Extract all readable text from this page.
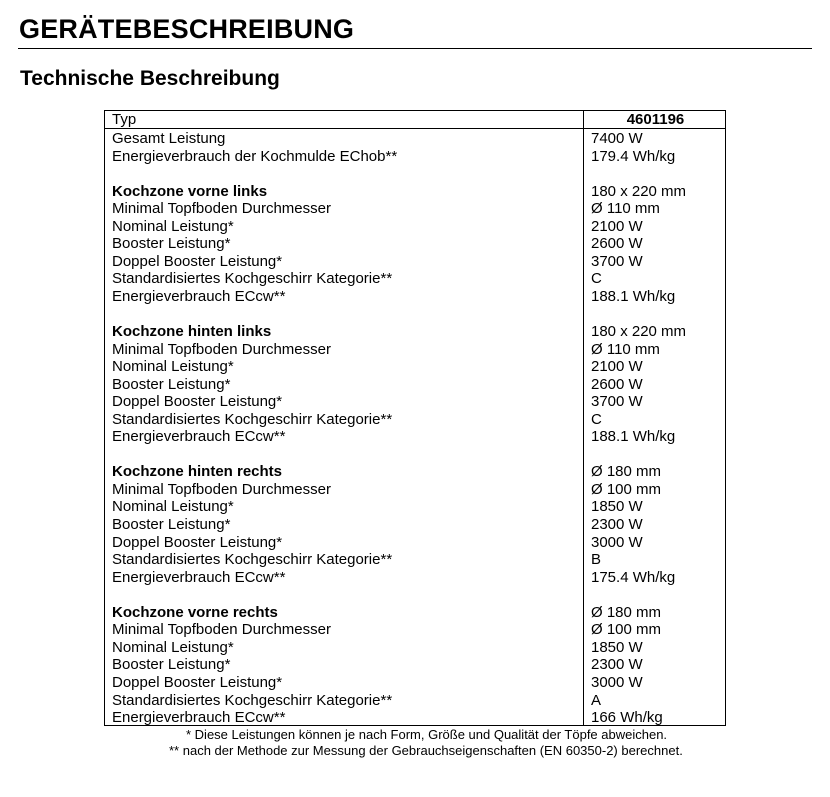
GERÄTEBESCHREIBUNG
Technische Beschreibung
Typ	4601196
Gesamt Leistung
Energieverbrauch der Kochmulde EChob**
Kochzone vorne links
Minimal Topfboden Durchmesser
Nominal Leistung*
Booster Leistung*
Doppel Booster Leistung*
Standardisiertes Kochgeschirr Kategorie**
Energieverbrauch ECcw**
Kochzone hinten links
Minimal Topfboden Durchmesser
Nominal Leistung*
Booster Leistung*
Doppel Booster Leistung*
Standardisiertes Kochgeschirr Kategorie**
Energieverbrauch ECcw**
Kochzone hinten rechts
Minimal Topfboden Durchmesser
Nominal Leistung*
Booster Leistung*
Doppel Booster Leistung*
Standardisiertes Kochgeschirr Kategorie**
Energieverbrauch ECcw**
Kochzone vorne rechts
Minimal Topfboden Durchmesser
Nominal Leistung*
Booster Leistung*
Doppel Booster Leistung*
Standardisiertes Kochgeschirr Kategorie**
Energieverbrauch ECcw**
7400 W
179.4 Wh/kg
180 x 220 mm
Ø 110 mm
2100 W
2600 W
3700 W
C
188.1 Wh/kg
180 x 220 mm
Ø 110 mm
2100 W
2600 W
3700 W
C
188.1 Wh/kg
Ø 180 mm
Ø 100 mm
1850 W
2300 W
3000 W
B
175.4 Wh/kg
Ø 180 mm
Ø 100 mm
1850 W
2300 W
3000 W
A
166 Wh/kg
* Diese Leistungen können je nach Form, Größe und Qualität der Töpfe abweichen.
** nach der Methode zur Messung der Gebrauchseigenschaften (EN 60350-2) berechnet.
